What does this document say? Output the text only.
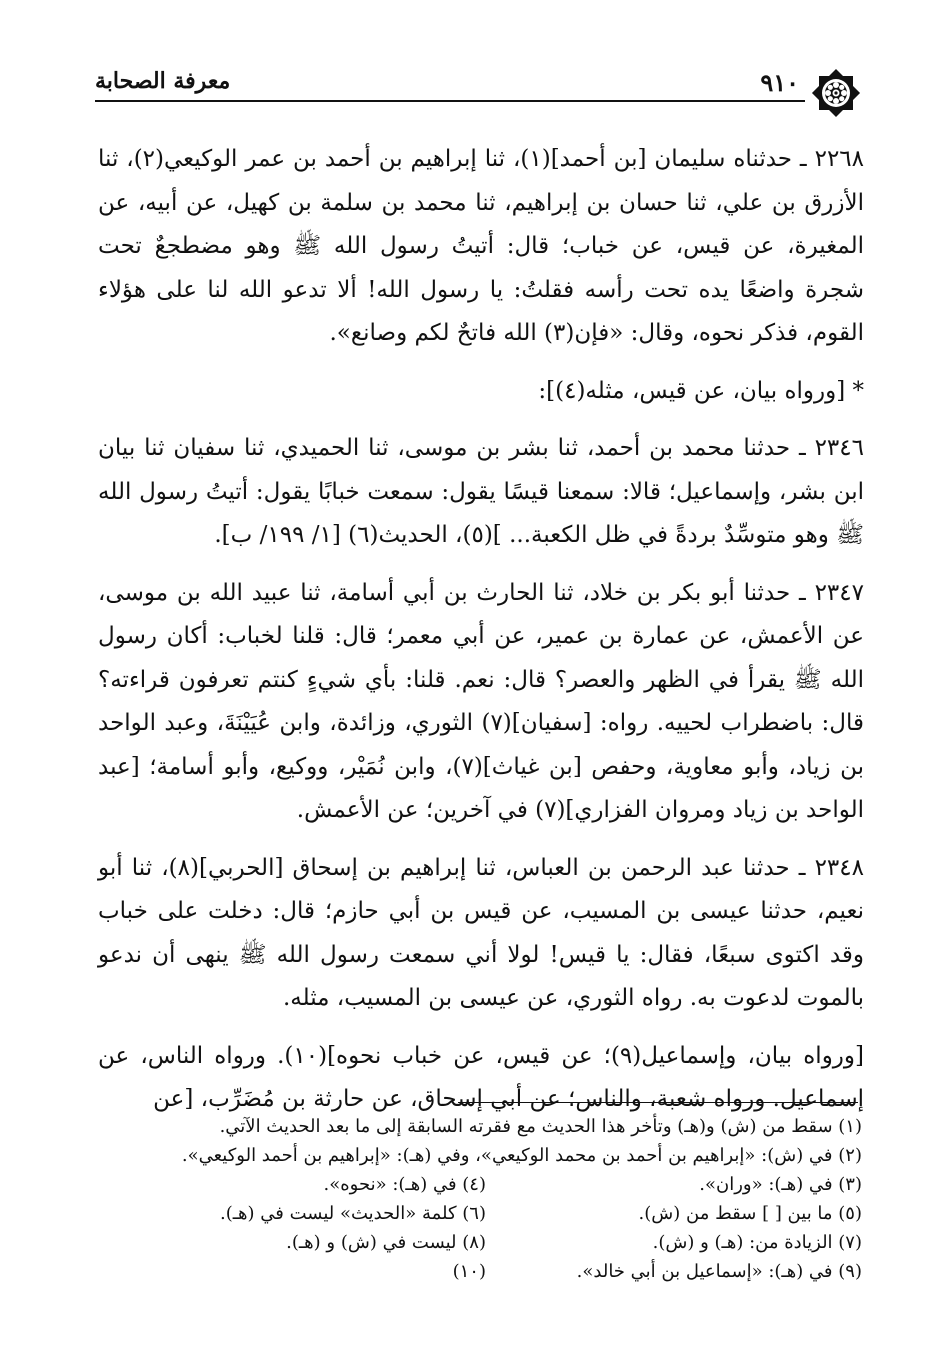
٩١٠
معرفة الصحابة

٢٢٦٨ ـ حدثناه سليمان [بن أحمد](١)، ثنا إبراهيم بن أحمد بن عمر الوكيعي(٢)، ثنا الأزرق بن علي، ثنا حسان بن إبراهيم، ثنا محمد بن سلمة بن كهيل، عن أبيه، عن المغيرة، عن قيس، عن خباب؛ قال: أتيتُ رسول الله ﷺ وهو مضطجعٌ تحت شجرة واضعًا يده تحت رأسه فقلتُ: يا رسول الله! ألا تدعو الله لنا على هؤلاء القوم، فذكر نحوه، وقال: «فإن(٣) الله فاتحٌ لكم وصانع».

* [ورواه بيان، عن قيس، مثله(٤)]:

٢٣٤٦ ـ حدثنا محمد بن أحمد، ثنا بشر بن موسى، ثنا الحميدي، ثنا سفيان ثنا بيان ابن بشر، وإسماعيل؛ قالا: سمعنا قيسًا يقول: سمعت خبابًا يقول: أتيتُ رسول الله ﷺ وهو متوسِّدٌ بردةً في ظل الكعبة... ](٥)، الحديث(٦) [١/ ١٩٩/ ب].

٢٣٤٧ ـ حدثنا أبو بكر بن خلاد، ثنا الحارث بن أبي أسامة، ثنا عبيد الله بن موسى، عن الأعمش، عن عمارة بن عمير، عن أبي معمر؛ قال: قلنا لخباب: أكان رسول الله ﷺ يقرأ في الظهر والعصر؟ قال: نعم. قلنا: بأي شيءٍ كنتم تعرفون قراءته؟ قال: باضطراب لحييه. رواه: [سفيان](٧) الثوري، وزائدة، وابن عُيَيْنَةَ، وعبد الواحد بن زياد، وأبو معاوية، وحفص [بن غياث](٧)، وابن نُمَيْر، ووكيع، وأبو أسامة؛ [عبد الواحد بن زياد ومروان الفزاري](٧) في آخرين؛ عن الأعمش.

٢٣٤٨ ـ حدثنا عبد الرحمن بن العباس، ثنا إبراهيم بن إسحاق [الحربي](٨)، ثنا أبو نعيم، حدثنا عيسى بن المسيب، عن قيس بن أبي حازم؛ قال: دخلت على خباب وقد اكتوى سبعًا، فقال: يا قيس! لولا أني سمعت رسول الله ﷺ ينهى أن ندعو بالموت لدعوت به. رواه الثوري، عن عيسى بن المسيب، مثله.

[ورواه بيان، وإسماعيل(٩)؛ عن قيس، عن خباب نحوه](١٠). ورواه الناس، عن إسماعيل. ورواه شعبة، والناس؛ عن أبي إسحاق، عن حارثة بن مُضَرِّب، [عن

(١) سقط من (ش) و(هـ) وتأخر هذا الحديث مع فقرته السابقة إلى ما بعد الحديث الآتي.
(٢) في (ش): «إبراهيم بن أحمد بن محمد الوكيعي»، وفي (هـ): «إبراهيم بن أحمد الوكيعي».
(٣) في (هـ): «وران».
(٤) في (هـ): «نحوه».
(٥) ما بين [ ] سقط من (ش).
(٦) كلمة «الحديث» ليست في (هـ).
(٧) الزيادة من: (هـ) و (ش).
(٨) ليست في (ش) و (هـ).
(٩) في (هـ): «إسماعيل بن أبي خالد».
(١٠)
